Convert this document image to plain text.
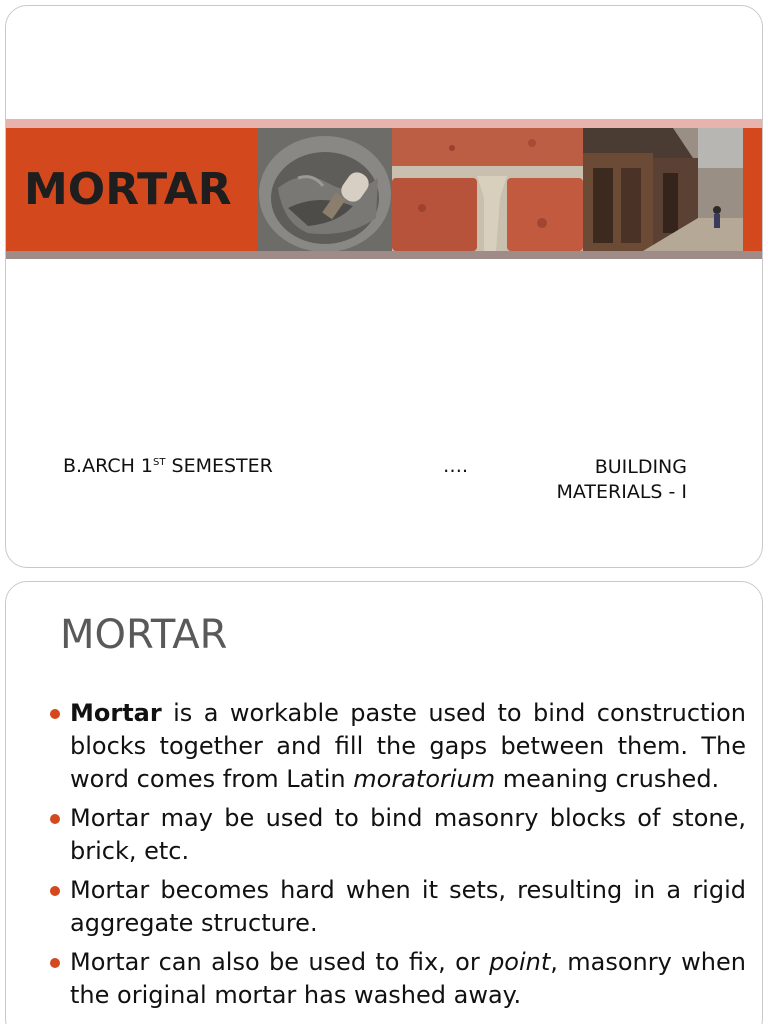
MORTAR
B.ARCH 1ST SEMESTER	….	BUILDING
MATERIALS - I
MORTAR
Mortar is a workable paste used to bind construction blocks together and fill the gaps between them. The word comes from Latin moratorium meaning crushed.
Mortar may be used to bind masonry blocks of stone, brick, etc.
Mortar becomes hard when it sets, resulting in a rigid aggregate structure.
Mortar can also be used to fix, or point, masonry when the original mortar has washed away.
